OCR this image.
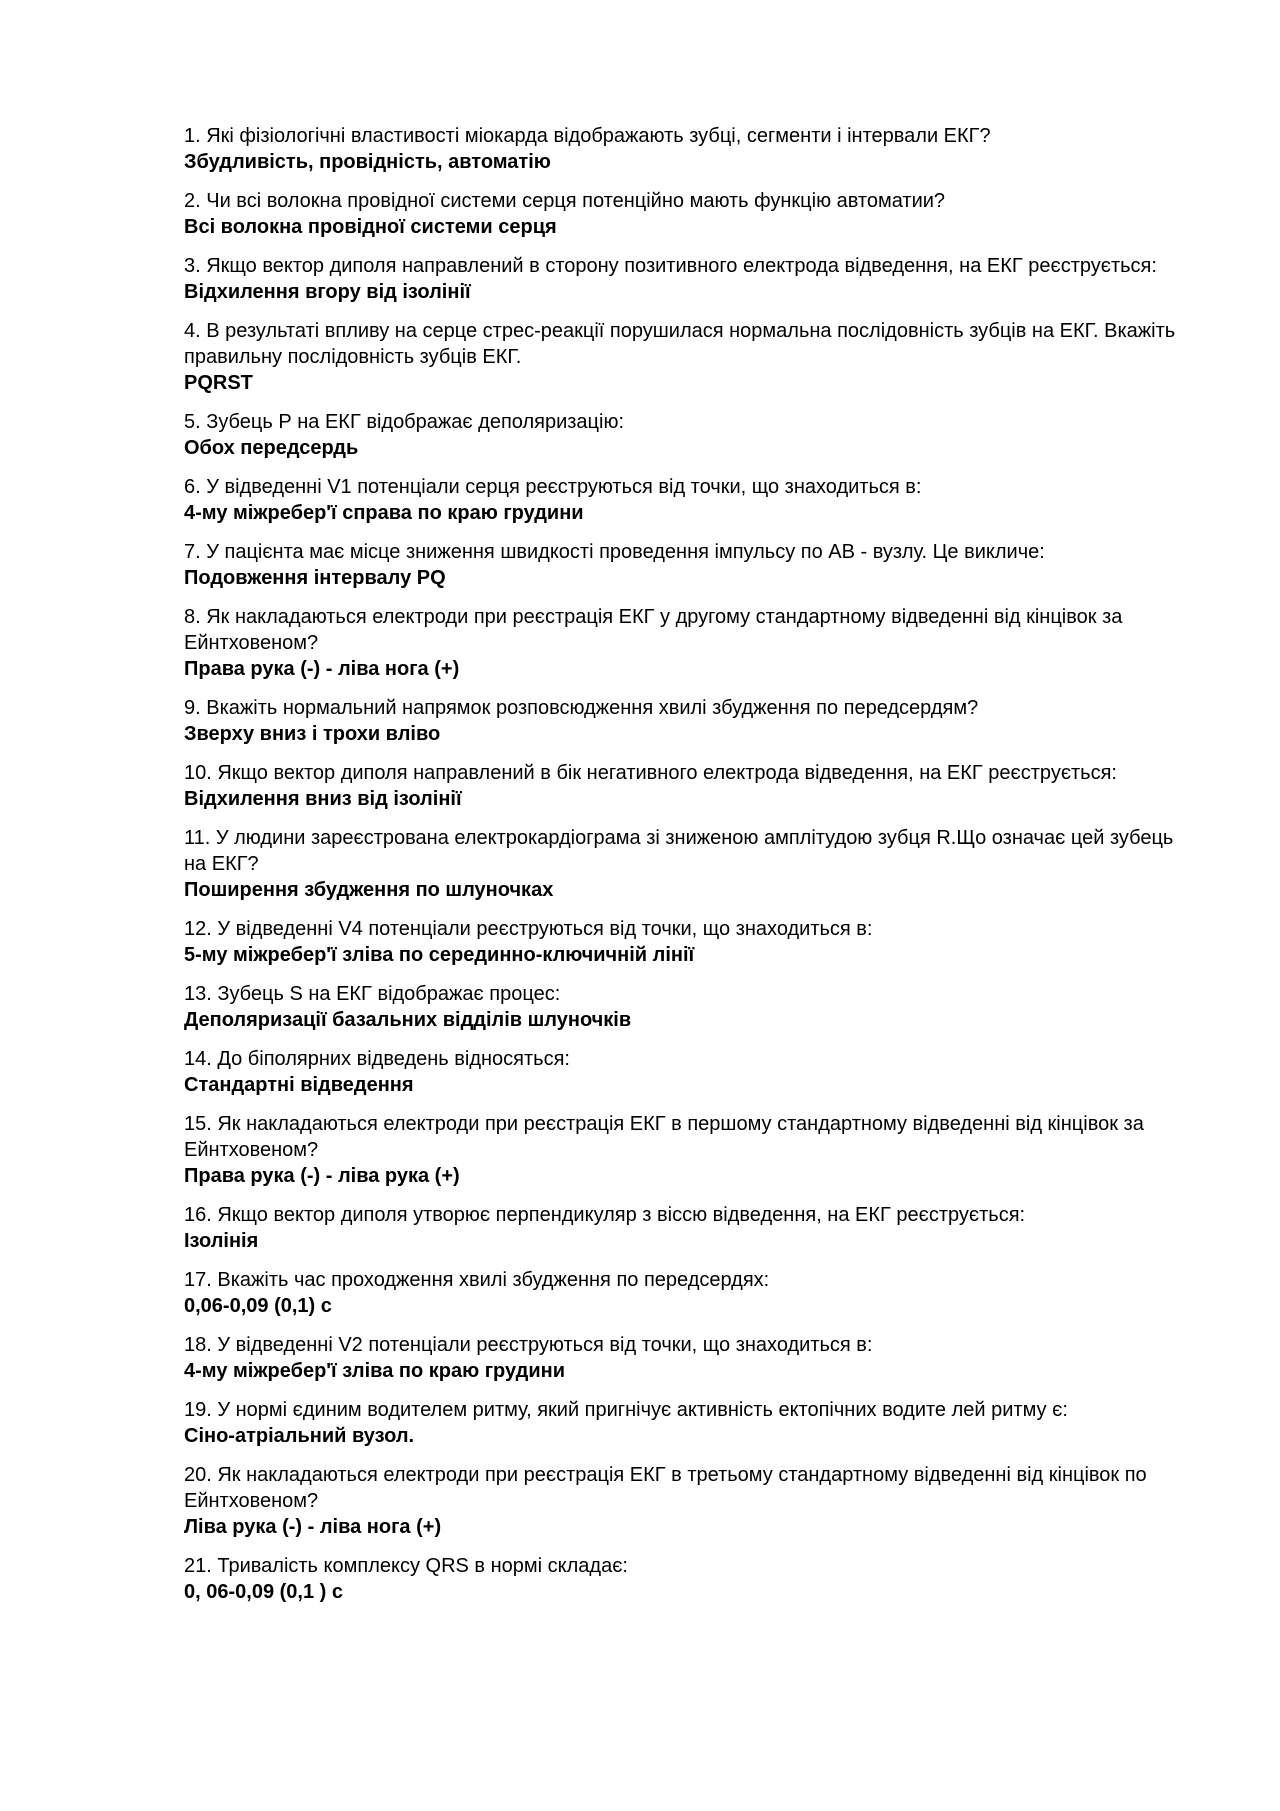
1. Які фізіологічні властивості міокарда відображають зубці, сегменти і інтервали ЕКГ?
Збудливість, провідність, автоматію
2. Чи всі волокна провідної системи серця потенційно мають функцію автоматии?
Всі волокна провідної системи серця
3. Якщо вектор диполя направлений в сторону позитивного електрода відведення, на ЕКГ реєструється:
Відхилення вгору від ізолінії
4. В результаті впливу на серце стрес-реакції порушилася нормальна послідовність зубців на ЕКГ. Вкажіть правильну послідовність зубців ЕКГ.
PQRST
5. Зубець Р на ЕКГ відображає деполяризацію:
Обох передсердь
6. У відведенні V1 потенціали серця реєструються від точки, що знаходиться в:
4-му міжребер'ї справа по краю грудини
7. У пацієнта має місце зниження швидкості проведення імпульсу по АВ - вузлу. Це викличе:
Подовження інтервалу PQ
8. Як накладаються електроди при реєстрація ЕКГ у другому стандартному відведенні від кінцівок за Ейнтховеном?
Права рука (-) - ліва нога (+)
9. Вкажіть нормальний напрямок розповсюдження хвилі збудження по передсердям?
Зверху вниз і трохи вліво
10. Якщо вектор диполя направлений в бік негативного електрода відведення, на ЕКГ реєструється:
Відхилення вниз від ізолінії
11. У людини зареєстрована електрокардіограма зі зниженою амплітудою зубця R.Що означає цей зубець на ЕКГ?
Поширення збудження по шлуночках
12. У відведенні V4 потенціали реєструються від точки, що знаходиться в:
5-му міжребер'ї зліва по серединно-ключичній лінії
13. Зубець S на ЕКГ відображає процес:
Деполяризації базальних відділів шлуночків
14. До біполярних відведень відносяться:
Стандартні відведення
15. Як накладаються електроди при реєстрація ЕКГ в першому стандартному відведенні від кінцівок за Ейнтховеном?
Права рука (-) - ліва рука (+)
16. Якщо вектор диполя утворює перпендикуляр з віссю відведення, на ЕКГ реєструється:
Ізолінія
17. Вкажіть час проходження хвилі збудження по передсердях:
0,06-0,09 (0,1) с
18. У відведенні V2 потенціали реєструються від точки, що знаходиться в:
4-му міжребер'ї зліва по краю грудини
19. У нормі єдиним водителем ритму, який пригнічує активність ектопічних водите лей ритму є:
Сіно-атріальний вузол.
20. Як накладаються електроди при реєстрація ЕКГ в третьому стандартному відведенні від кінцівок по Ейнтховеном?
Ліва рука (-) - ліва нога (+)
21. Тривалість комплексу QRS в нормі складає:
0, 06-0,09 (0,1 ) с
